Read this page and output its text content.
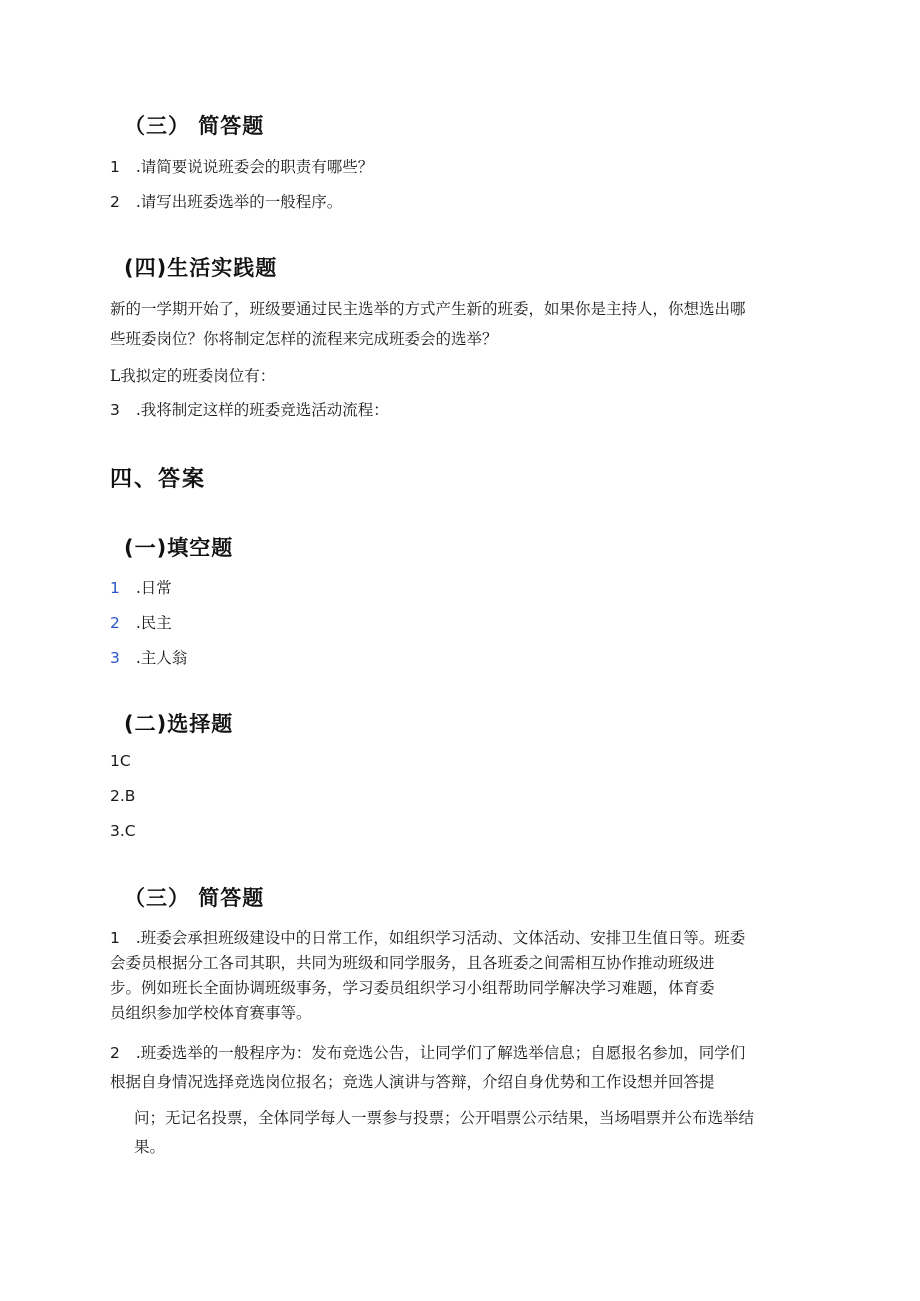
（三） 简答题

1 .请简要说说班委会的职责有哪些？

2 .请写出班委选举的一般程序。

(四)生活实践题

新的一学期开始了，班级要通过民主选举的方式产生新的班委，如果你是主持人，你想选出哪

些班委岗位？你将制定怎样的流程来完成班委会的选举？

L我拟定的班委岗位有：

3 .我将制定这样的班委竞选活动流程：

四、答案
(一)填空题

1 .日常

2 .民主

3 .主人翁

(二)选择题

1C

2.B

3.C

（三） 简答题

1 .班委会承担班级建设中的日常工作，如组织学习活动、文体活动、安排卫生值日等。班委

会委员根据分工各司其职，共同为班级和同学服务，且各班委之间需相互协作推动班级进

步。例如班长全面协调班级事务，学习委员组织学习小组帮助同学解决学习难题，体育委

员组织参加学校体育赛事等。

2 .班委选举的一般程序为：发布竞选公告，让同学们了解选举信息；自愿报名参加，同学们

根据自身情况选择竞选岗位报名；竞选人演讲与答辩，介绍自身优势和工作设想并回答提

问；无记名投票，全体同学每人一票参与投票；公开唱票公示结果，当场唱票并公布选举结

果。
